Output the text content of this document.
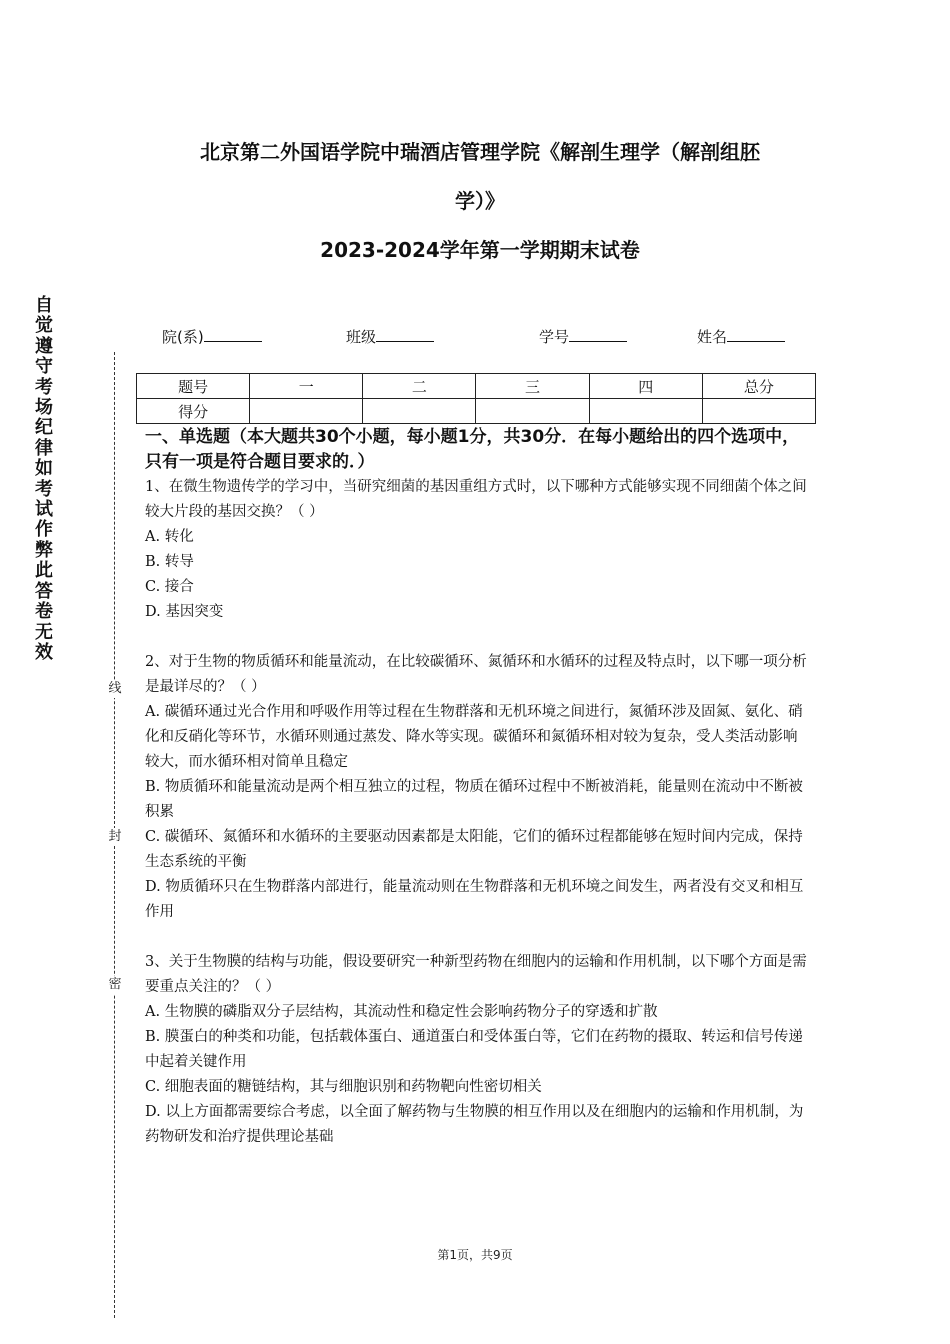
自觉遵守考场纪律如考试作弊此答卷无效
线
封
密
北京第二外国语学院中瑞酒店管理学院《解剖生理学（解剖组胚
学）》
2023-2024学年第一学期期末试卷
院(系)	班级	学号	姓名
题号	一	二	三	四	总分
得分					

一、单选题（本大题共30个小题，每小题1分，共30分．在每小题给出的四个选项中，只有一项是符合题目要求的．）

1、在微生物遗传学的学习中，当研究细菌的基因重组方式时，以下哪种方式能够实现不同细菌个体之间较大片段的基因交换？（ ）

A. 转化

B. 转导

C. 接合

D. 基因突变

2、对于生物的物质循环和能量流动，在比较碳循环、氮循环和水循环的过程及特点时，以下哪一项分析是最详尽的？（ ）

A. 碳循环通过光合作用和呼吸作用等过程在生物群落和无机环境之间进行，氮循环涉及固氮、氨化、硝化和反硝化等环节，水循环则通过蒸发、降水等实现。碳循环和氮循环相对较为复杂，受人类活动影响较大，而水循环相对简单且稳定

B. 物质循环和能量流动是两个相互独立的过程，物质在循环过程中不断被消耗，能量则在流动中不断被积累

C. 碳循环、氮循环和水循环的主要驱动因素都是太阳能，它们的循环过程都能够在短时间内完成，保持生态系统的平衡

D. 物质循环只在生物群落内部进行，能量流动则在生物群落和无机环境之间发生，两者没有交叉和相互作用

3、关于生物膜的结构与功能，假设要研究一种新型药物在细胞内的运输和作用机制，以下哪个方面是需要重点关注的？（ ）

A. 生物膜的磷脂双分子层结构，其流动性和稳定性会影响药物分子的穿透和扩散

B. 膜蛋白的种类和功能，包括载体蛋白、通道蛋白和受体蛋白等，它们在药物的摄取、转运和信号传递中起着关键作用

C. 细胞表面的糖链结构，其与细胞识别和药物靶向性密切相关

D. 以上方面都需要综合考虑，以全面了解药物与生物膜的相互作用以及在细胞内的运输和作用机制，为药物研发和治疗提供理论基础

第1页，共9页
